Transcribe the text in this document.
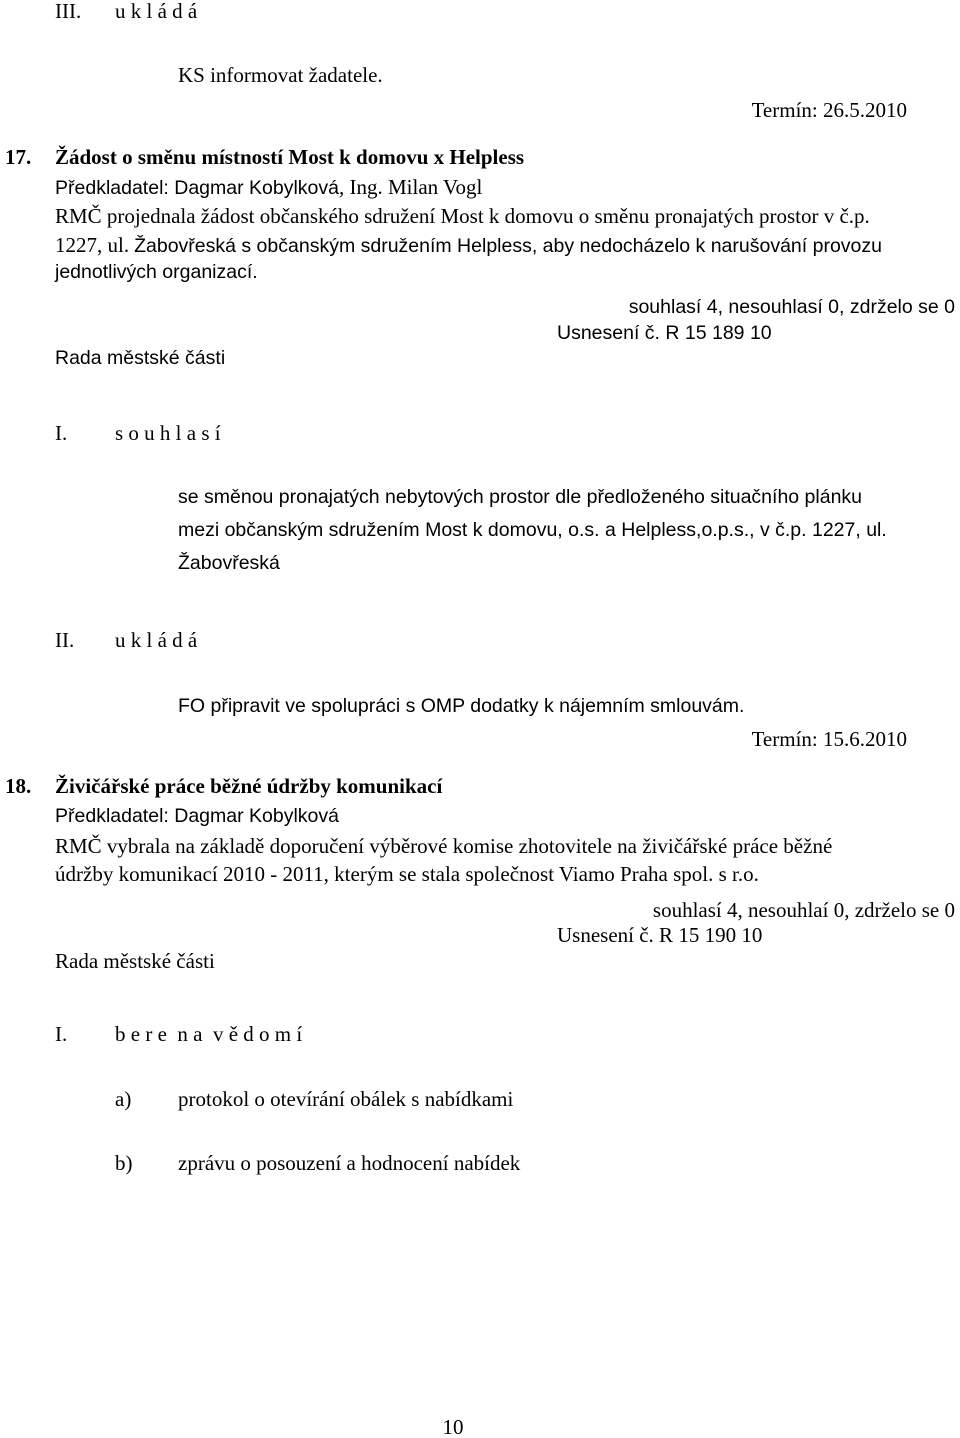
III. u k l á d á
KS informovat žadatele.
Termín: 26.5.2010
17. Žádost o směnu místností Most k domovu x Helpless
Předkladatel: Dagmar Kobylková, Ing. Milan Vogl
RMČ projednala žádost občanského sdružení Most k domovu o směnu pronajatých prostor v č.p.
1227, ul. Žabovřeská s občanským sdružením Helpless, aby nedocházelo k narušování provozu
jednotlivých organizací.
souhlasí 4, nesouhlasí 0, zdrželo se 0
Usnesení č. R 15 189 10
Rada městské části
I. s o u h l a s í
se směnou pronajatých nebytových prostor dle předloženého situačního plánku
mezi občanským sdružením Most k domovu, o.s. a Helpless,o.p.s., v č.p. 1227, ul.
Žabovřeská
II. u k l á d á
FO připravit ve spolupráci s OMP dodatky k nájemním smlouvám.
Termín: 15.6.2010
18. Živičářské práce běžné údržby komunikací
Předkladatel: Dagmar Kobylková
RMČ vybrala na základě doporučení výběrové komise zhotovitele na živičářské práce běžné
údržby komunikací 2010 - 2011, kterým se stala společnost Viamo Praha spol. s r.o.
souhlasí 4, nesouhlaí 0, zdrželo se 0
Usnesení č. R 15 190 10
Rada městské části
I. b e r e  n a  v ě d o m í
a) protokol o otevírání obálek s nabídkami
b) zprávu o posouzení a hodnocení nabídek
10
